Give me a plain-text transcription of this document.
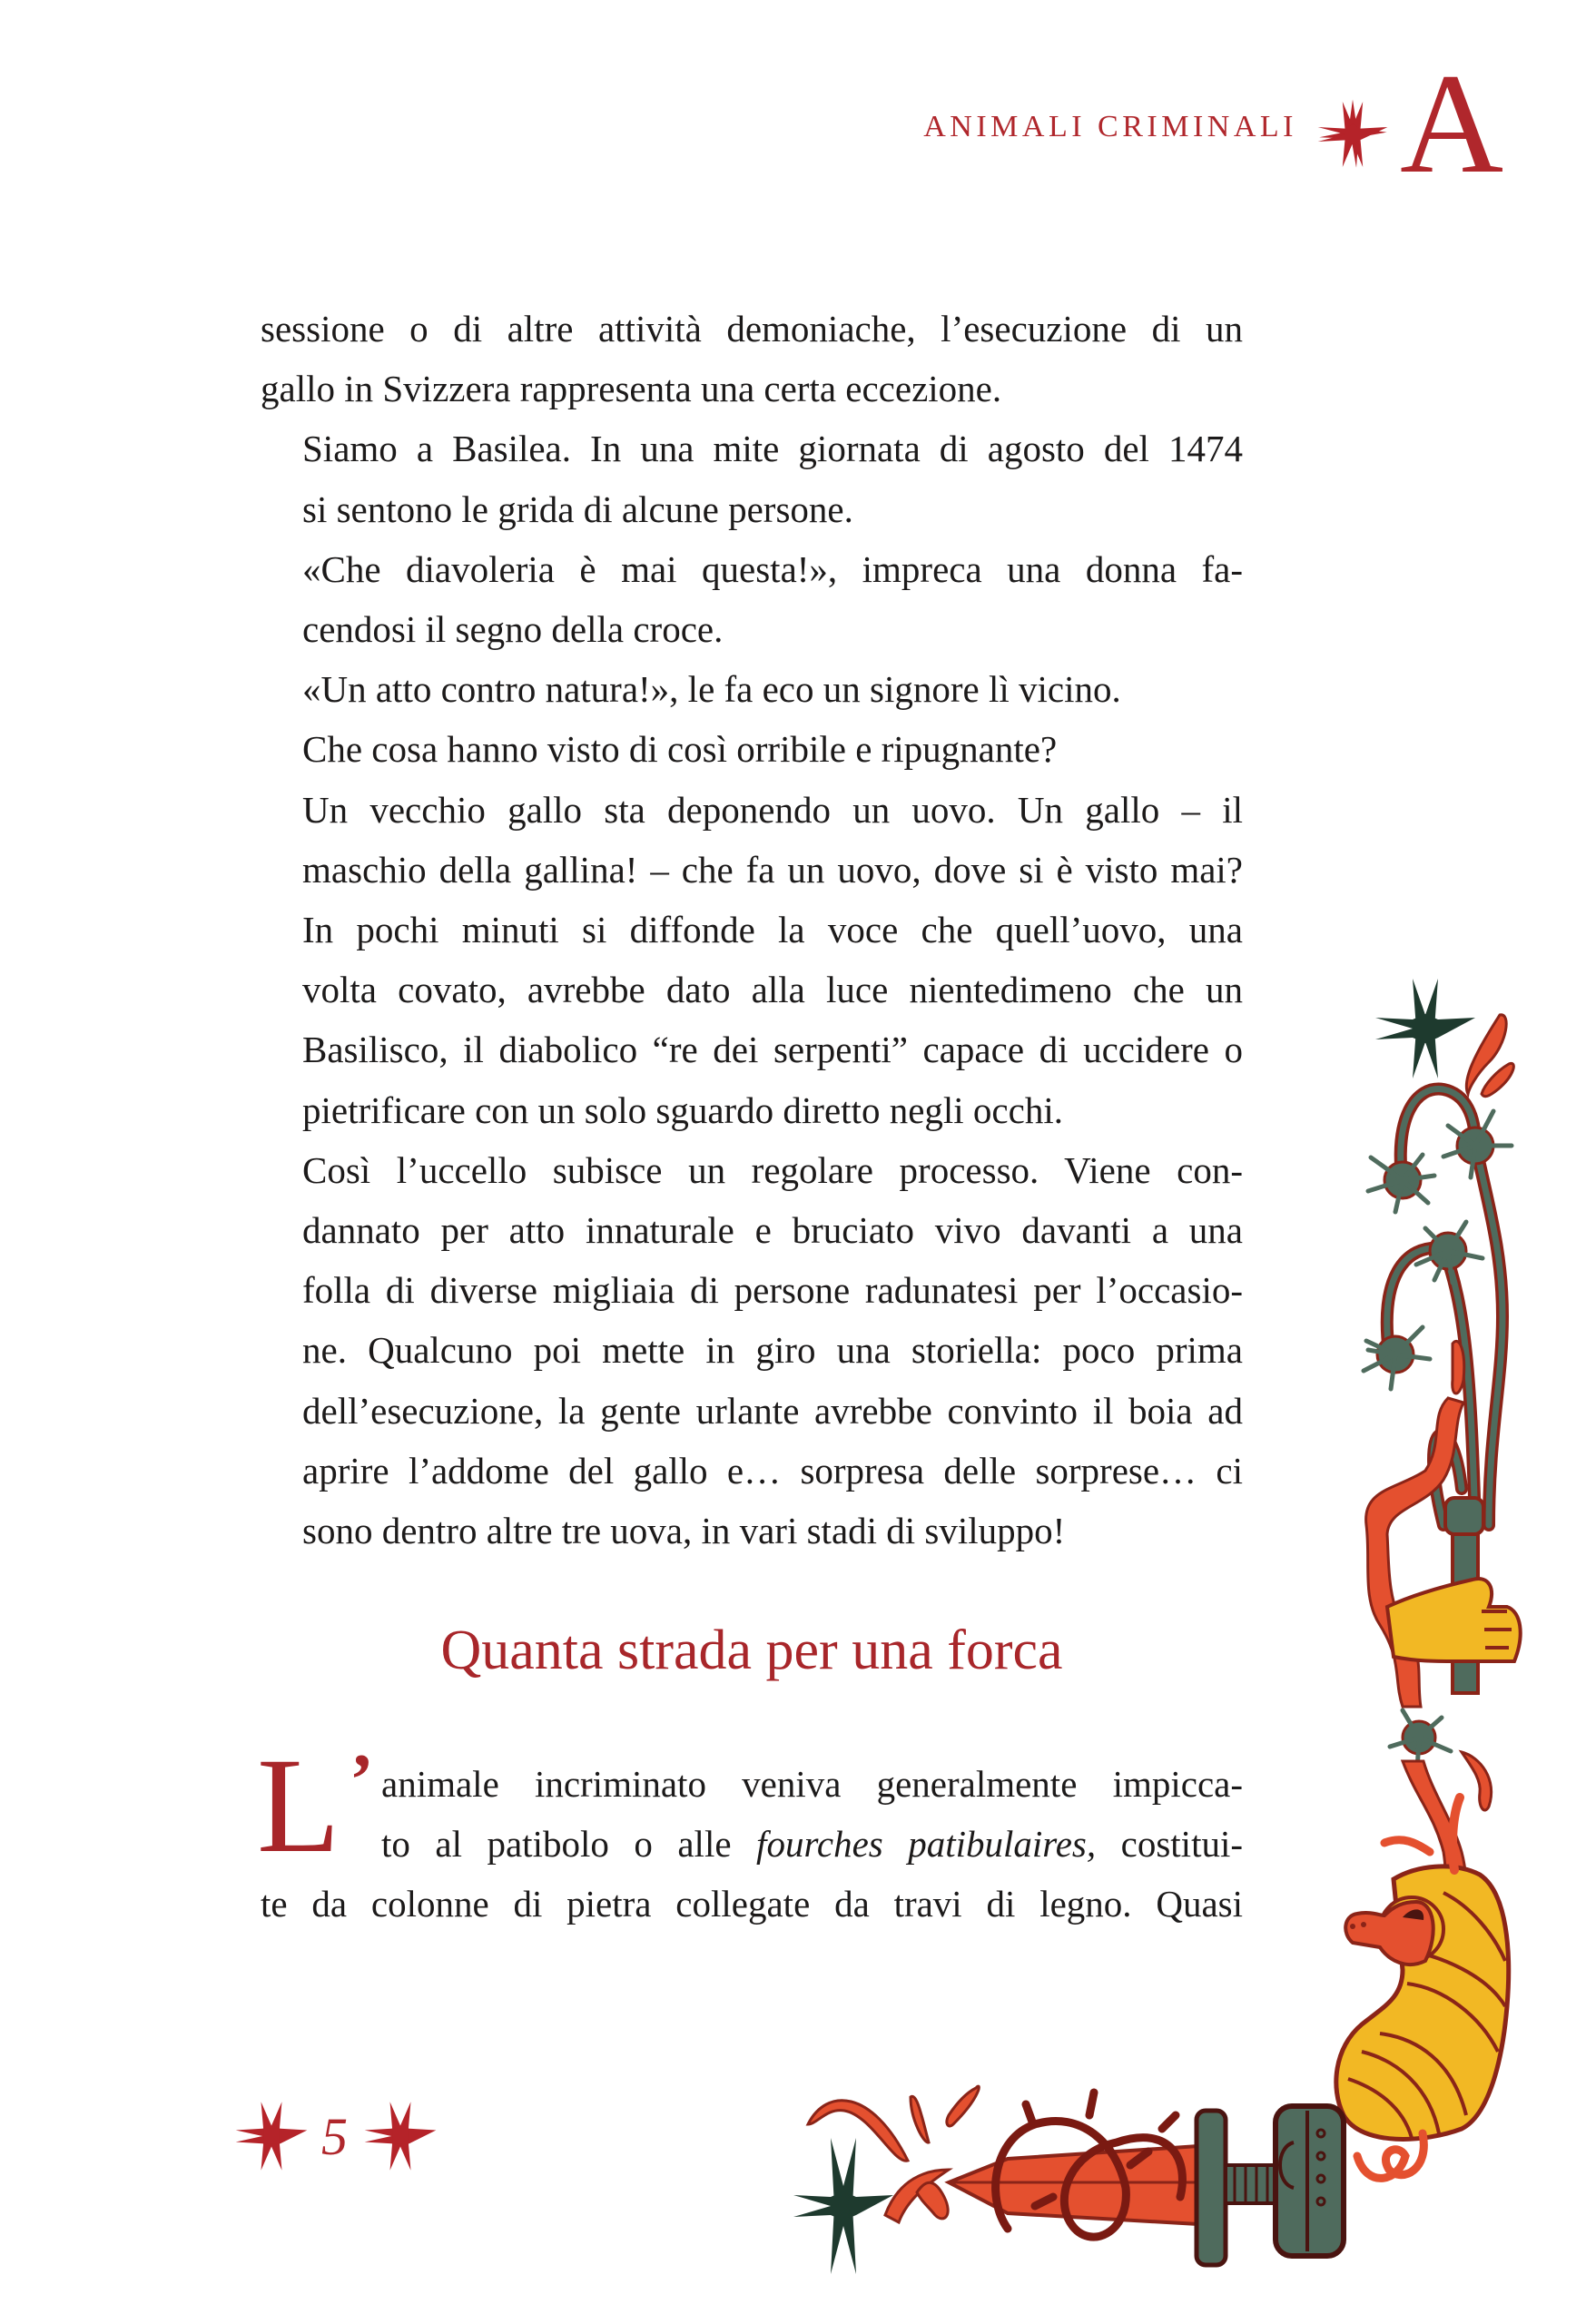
ANIMALI CRIMINALI A

sessione o di altre attività demoniache, l’esecuzione di un
gallo in Svizzera rappresenta una certa eccezione.

Siamo a Basilea. In una mite giornata di agosto del 1474
si sentono le grida di alcune persone.

«Che diavoleria è mai questa!», impreca una donna fa-
cendosi il segno della croce.

«Un atto contro natura!», le fa eco un signore lì vicino.

Che cosa hanno visto di così orribile e ripugnante?

Un vecchio gallo sta deponendo un uovo. Un gallo – il
maschio della gallina! – che fa un uovo, dove si è visto mai?

In pochi minuti si diffonde la voce che quell’uovo, una
volta covato, avrebbe dato alla luce nientedimeno che un
Basilisco, il diabolico “re dei serpenti” capace di uccidere o
pietrificare con un solo sguardo diretto negli occhi.

Così l’uccello subisce un regolare processo. Viene con-
dannato per atto innaturale e bruciato vivo davanti a una
folla di diverse migliaia di persone radunatesi per l’occasio-
ne. Qualcuno poi mette in giro una storiella: poco prima
dell’esecuzione, la gente urlante avrebbe convinto il boia ad
aprire l’addome del gallo e… sorpresa delle sorprese… ci
sono dentro altre tre uova, in vari stadi di sviluppo!

Quanta strada per una forca
L ’ animale incriminato veniva generalmente impicca-
to al patibolo o alle fourches patibulaires, costitui-
te da colonne di pietra collegate da travi di legno. Quasi

5
